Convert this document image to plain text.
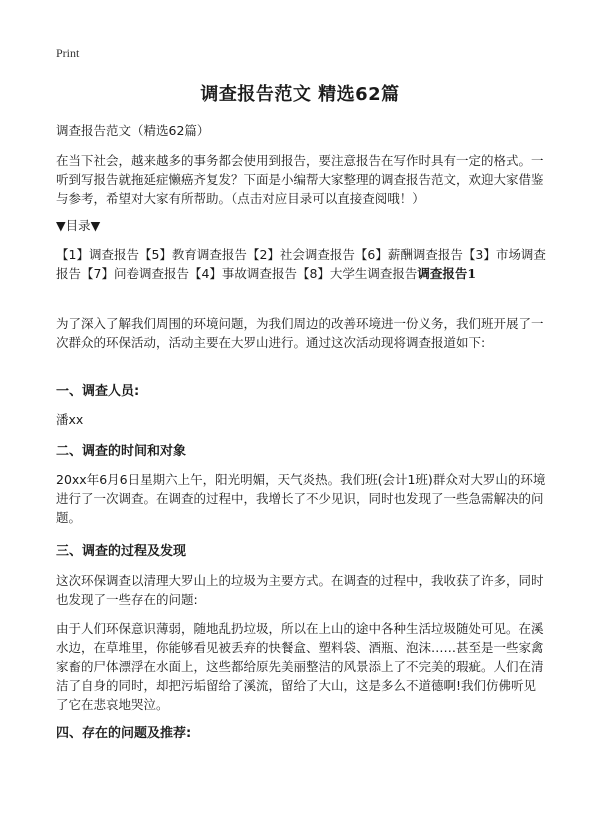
Print
调查报告范文 精选62篇

调查报告范文（精选62篇）

在当下社会，越来越多的事务都会使用到报告，要注意报告在写作时具有一定的格式。一听到写报告就拖延症懒癌齐复发？下面是小编帮大家整理的调查报告范文，欢迎大家借鉴与参考，希望对大家有所帮助。（点击对应目录可以直接查阅哦！）

▼目录▼

【1】调查报告【5】教育调查报告【2】社会调查报告【6】薪酬调查报告【3】市场调查报告【7】问卷调查报告【4】事故调查报告【8】大学生调查报告调查报告1

为了深入了解我们周围的环境问题，为我们周边的改善环境进一份义务，我们班开展了一次群众的环保活动，活动主要在大罗山进行。通过这次活动现将调查报道如下:

一、调查人员:

潘xx

二、调查的时间和对象

20xx年6月6日星期六上午，阳光明媚，天气炎热。我们班(会计1班)群众对大罗山的环境进行了一次调查。在调查的过程中，我增长了不少见识，同时也发现了一些急需解决的问题。

三、调查的过程及发现

这次环保调查以清理大罗山上的垃圾为主要方式。在调查的过程中，我收获了许多，同时也发现了一些存在的问题:

由于人们环保意识薄弱，随地乱扔垃圾，所以在上山的途中各种生活垃圾随处可见。在溪水边，在草堆里，你能够看见被丢弃的快餐盒、塑料袋、酒瓶、泡沫……甚至是一些家禽家畜的尸体漂浮在水面上，这些都给原先美丽整洁的风景添上了不完美的瑕疵。人们在清洁了自身的同时，却把污垢留给了溪流，留给了大山，这是多么不道德啊!我们仿佛听见了它在悲哀地哭泣。

四、存在的问题及推荐:
